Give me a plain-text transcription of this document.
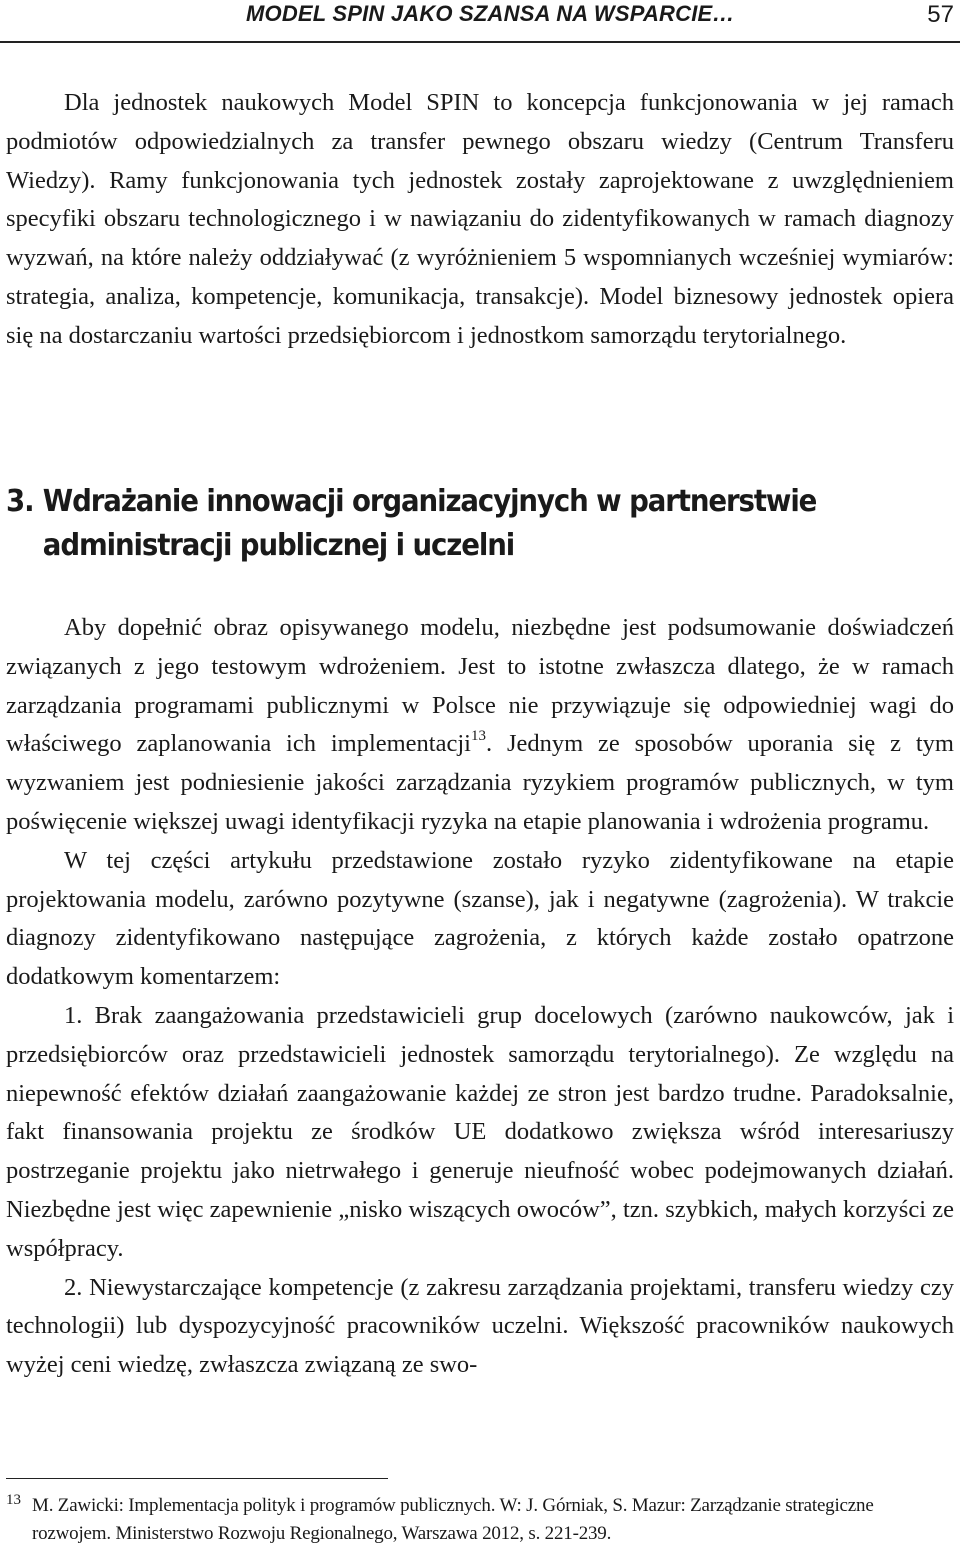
MODEL SPIN JAKO SZANSA NA WSPARCIE…	57

Dla jednostek naukowych Model SPIN to koncepcja funkcjonowania w jej ramach podmiotów odpowiedzialnych za transfer pewnego obszaru wiedzy (Centrum Transferu Wiedzy). Ramy funkcjonowania tych jednostek zostały zaprojektowane z uwzględnieniem specyfiki obszaru technologicznego i w nawiązaniu do zidentyfikowanych w ramach diagnozy wyzwań, na które należy oddziaływać (z wyróżnieniem 5 wspomnianych wcześniej wymiarów: strategia, analiza, kompetencje, komunikacja, transakcje). Model biznesowy jednostek opiera się na dostarczaniu wartości przedsiębiorcom i jednostkom samorządu terytorialnego.

3. Wdrażanie innowacji organizacyjnych w partnerstwie
administracji publicznej i uczelni

Aby dopełnić obraz opisywanego modelu, niezbędne jest podsumowanie doświadczeń związanych z jego testowym wdrożeniem. Jest to istotne zwłaszcza dlatego, że w ramach zarządzania programami publicznymi w Polsce nie przywiązuje się odpowiedniej wagi do właściwego zaplanowania ich implementacji$^{13}$. Jednym ze sposobów uporania się z tym wyzwaniem jest podniesienie jakości zarządzania ryzykiem programów publicznych, w tym poświęcenie większej uwagi identyfikacji ryzyka na etapie planowania i wdrożenia programu.

W tej części artykułu przedstawione zostało ryzyko zidentyfikowane na etapie projektowania modelu, zarówno pozytywne (szanse), jak i negatywne (zagrożenia). W trakcie diagnozy zidentyfikowano następujące zagrożenia, z których każde zostało opatrzone dodatkowym komentarzem:

1. Brak zaangażowania przedstawicieli grup docelowych (zarówno naukowców, jak i przedsiębiorców oraz przedstawicieli jednostek samorządu terytorialnego). Ze względu na niepewność efektów działań zaangażowanie każdej ze stron jest bardzo trudne. Paradoksalnie, fakt finansowania projektu ze środków UE dodatkowo zwiększa wśród interesariuszy postrzeganie projektu jako nietrwałego i generuje nieufność wobec podejmowanych działań. Niezbędne jest więc zapewnienie „nisko wiszących owoców”, tzn. szybkich, małych korzyści ze współpracy.

2. Niewystarczające kompetencje (z zakresu zarządzania projektami, transferu wiedzy czy technologii) lub dyspozycyjność pracowników uczelni. Większość pracowników naukowych wyżej ceni wiedzę, zwłaszcza związaną ze swo-

13 M. Zawicki: Implementacja polityk i programów publicznych. W: J. Górniak, S. Mazur: Zarządzanie strategiczne rozwojem. Ministerstwo Rozwoju Regionalnego, Warszawa 2012, s. 221-239.
